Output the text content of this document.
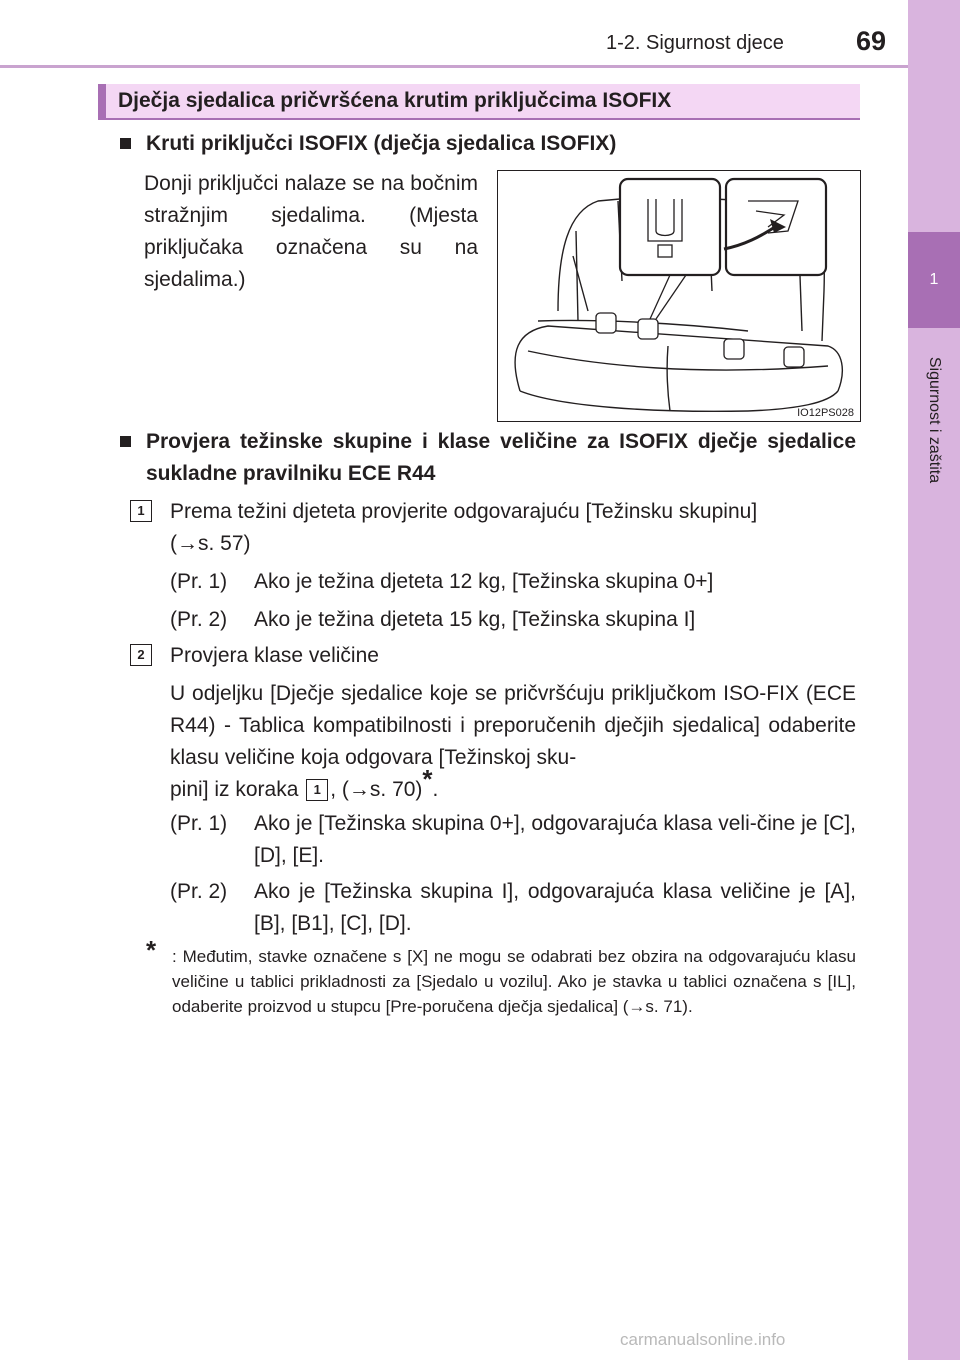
1-2. Sigurnost djece	69
1
Sigurnost i zaštita
Dječja sjedalica pričvršćena krutim priključcima ISOFIX
Kruti priključci ISOFIX (dječja sjedalica ISOFIX)
Donji priključci nalaze se na bočnim stražnjim sjedalima. (Mjesta priključaka označena su na sjedalima.)
IO12PS028
Provjera težinske skupine i klase veličine za ISOFIX dječje sjedalice sukladne pravilniku ECE R44
1	Prema težini djeteta provjerite odgovarajuću [Težinsku skupinu]
(→s. 57)
(Pr. 1) Ako je težina djeteta 12 kg, [Težinska skupina 0+]
(Pr. 2) Ako je težina djeteta 15 kg, [Težinska skupina I]
2	Provjera klase veličine
U odjeljku [Dječje sjedalice koje se pričvršćuju priključkom ISO-FIX (ECE R44) - Tablica kompatibilnosti i preporučenih dječjih sjedalica] odaberite klasu veličine koja odgovara [Težinskoj sku-
pini] iz koraka 1 , (→s. 70)*.
(Pr. 1) Ako je [Težinska skupina 0+], odgovarajuća klasa veli-čine je [C], [D], [E].
(Pr. 2) Ako je [Težinska skupina I], odgovarajuća klasa veličine je [A], [B], [B1], [C], [D].
* : Međutim, stavke označene s [X] ne mogu se odabrati bez obzira na odgovarajuću klasu veličine u tablici prikladnosti za [Sjedalo u vozilu]. Ako je stavka u tablici označena s [IL], odaberite proizvod u stupcu [Pre-poručena dječja sjedalica] (→s. 71).
carmanualsonline.info
